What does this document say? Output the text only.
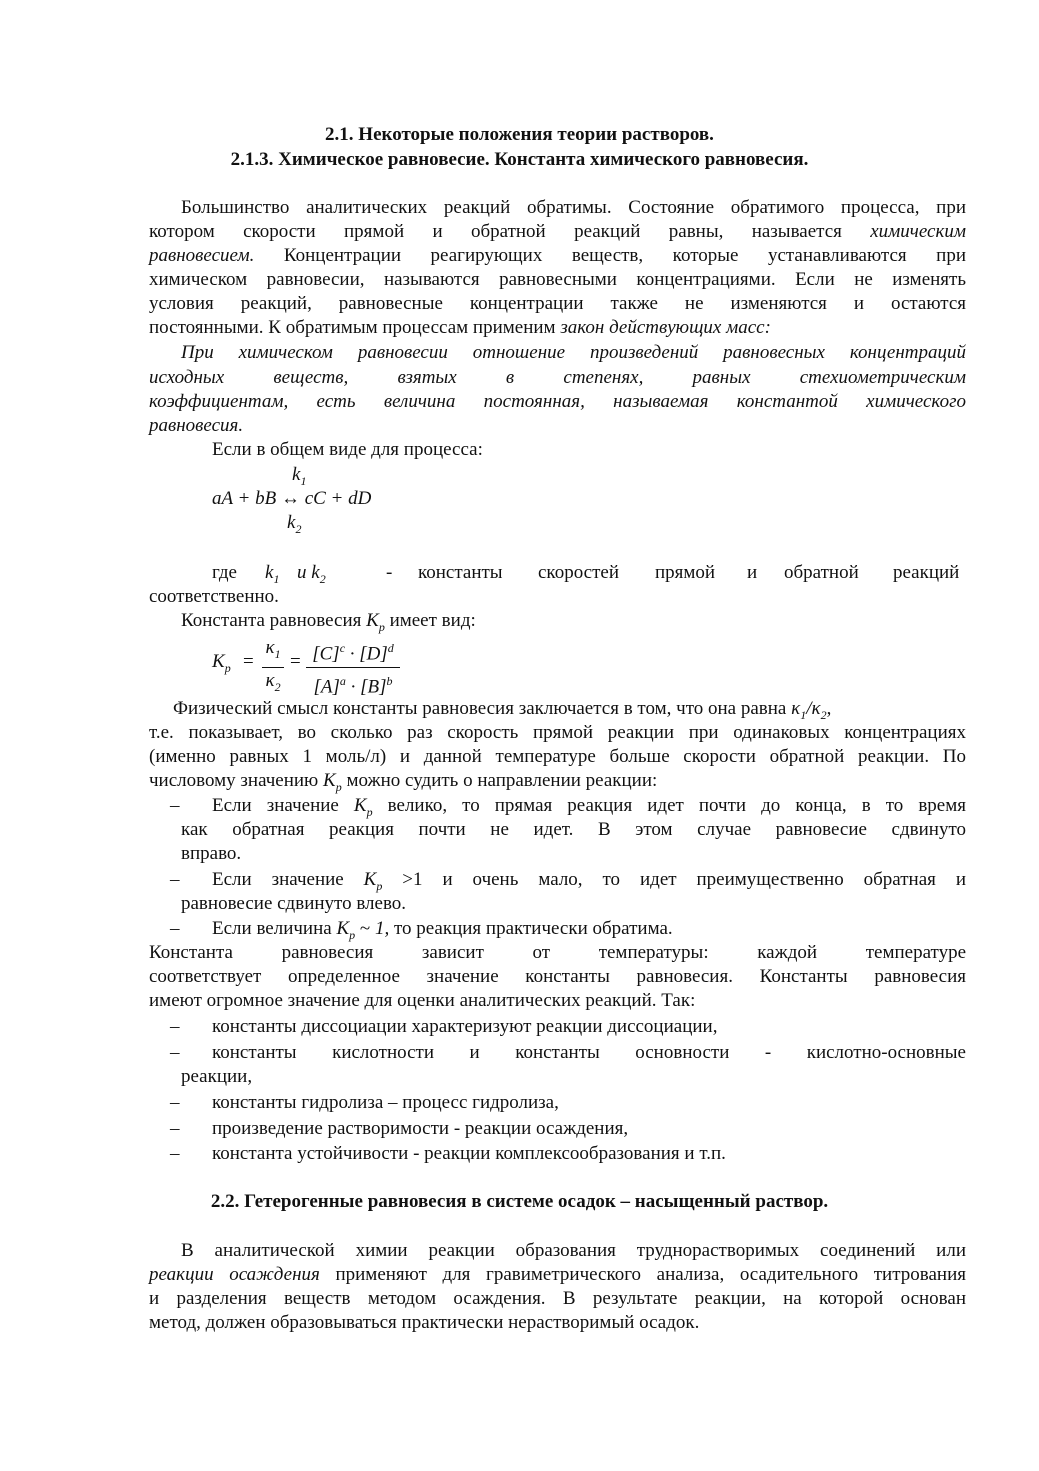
2.1. Некоторые положения теории растворов.
2.1.3. Химическое равновесие. Константа химического равновесия.
Большинство аналитических реакций обратимы. Состояние обратимого процесса, при
котором скорости прямой и обратной реакций равны, называется химическим
равновесием. Концентрации реагирующих веществ, которые устанавливаются при
химическом равновесии, называются равновесными концентрациями. Если не изменять
условия реакций, равновесные концентрации также не изменяются и остаются
постоянными. К обратимым процессам применим закон действующих масс:
При химическом равновесии отношение произведений равновесных концентраций
исходных веществ, взятых в степенях, равных стехиометрическим
коэффициентам, есть величина постоянная, называемая константой химического
равновесия.
Если в общем виде для процесса:
$k_1$
aA + bB ↔ cC + dD
$k_2$
где $k_1$ и $k_2$	- константы скоростей прямой и обратной реакций
соответственно.
Константа равновесия $K_p$ имеет вид:
$K_p$ =
$\kappa_1$
$\kappa_2$
= $[C]^c \cdot [D]^d$
$[A]^a \cdot [B]^b$
Физический смысл константы равновесия заключается в том, что она равна $\kappa_1/\kappa_2$,
т.е. показывает, во сколько раз скорость прямой реакции при одинаковых концентрациях
(именно равных 1 моль/л) и данной температуре больше скорости обратной реакции. По
числовому значению $K_p$ можно судить о направлении реакции:
– Если значение $K_p$ велико, то прямая реакция идет почти до конца, в то время
как обратная реакция почти не идет. В этом случае равновесие сдвинуто
вправо.
– Если значение $K_p >1$ и очень мало, то идет преимущественно обратная и
равновесие сдвинуто влево.
– Если величина $K_p$ ~ 1, то реакция практически обратима.
Константа равновесия зависит от температуры: каждой температуре
соответствует определенное значение константы равновесия. Константы равновесия
имеют огромное значение для оценки аналитических реакций. Так:
– константы диссоциации характеризуют реакции диссоциации,
– константы кислотности и константы основности - кислотно-основные
реакции,
– константы гидролиза – процесс гидролиза,
– произведение растворимости - реакции осаждения,
– константа устойчивости - реакции комплексообразования и т.п.
2.2. Гетерогенные равновесия в системе осадок – насыщенный раствор.
В аналитической химии реакции образования труднорастворимых соединений или
реакции осаждения применяют для гравиметрического анализа, осадительного титрования
и разделения веществ методом осаждения. В результате реакции, на которой основан
метод, должен образовываться практически нерастворимый осадок.
